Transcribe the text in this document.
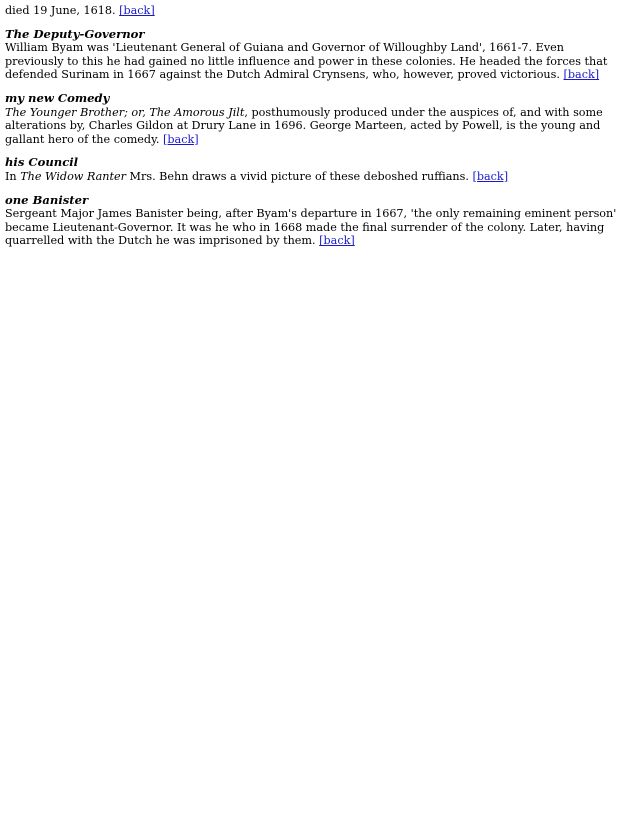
died 19 June, 1618. [back]

The Deputy-Governor

William Byam was 'Lieutenant General of Guiana and Governor of Willoughby Land', 1661-7. Even previously to this he had gained no little influence and power in these colonies. He headed the forces that defended Surinam in 1667 against the Dutch Admiral Crynsens, who, however, proved victorious. [back]

my new Comedy

The Younger Brother; or, The Amorous Jilt, posthumously produced under the auspices of, and with some alterations by, Charles Gildon at Drury Lane in 1696. George Marteen, acted by Powell, is the young and gallant hero of the comedy. [back]

his Council

In The Widow Ranter Mrs. Behn draws a vivid picture of these deboshed ruffians. [back]

one Banister

Sergeant Major James Banister being, after Byam's departure in 1667, 'the only remaining eminent person' became Lieutenant-Governor. It was he who in 1668 made the final surrender of the colony. Later, having quarrelled with the Dutch he was imprisoned by them. [back]
